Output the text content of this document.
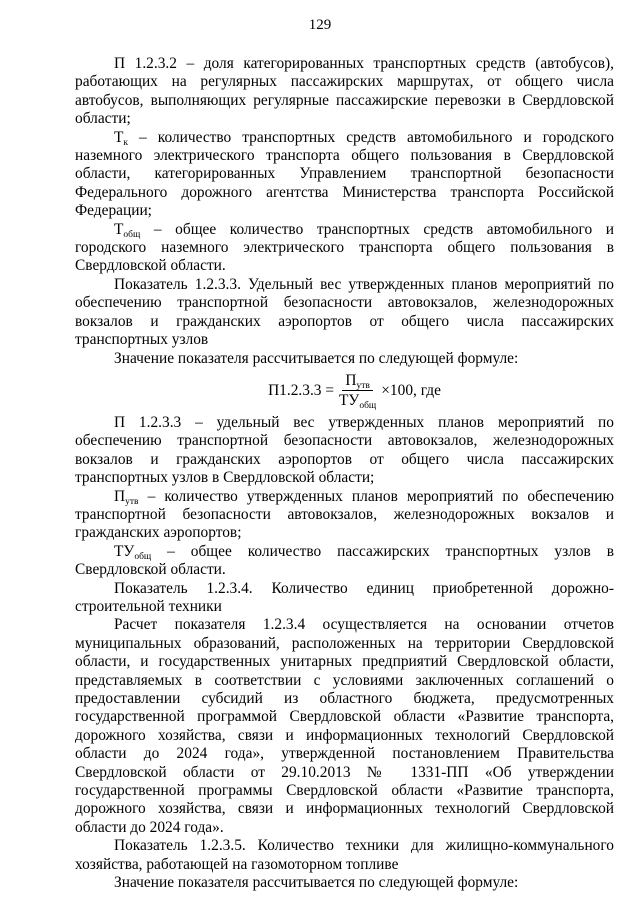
129

П 1.2.3.2 – доля категорированных транспортных средств (автобусов), работающих на регулярных пассажирских маршрутах, от общего числа автобусов, выполняющих регулярные пассажирские перевозки в Свердловской области;

$Т_к$ – количество транспортных средств автомобильного и городского наземного электрического транспорта общего пользования в Свердловской области, категорированных Управлением транспортной безопасности Федерального дорожного агентства Министерства транспорта Российской Федерации;

$Т_{общ}$ – общее количество транспортных средств автомобильного и городского наземного электрического транспорта общего пользования в Свердловской области.

Показатель 1.2.3.3. Удельный вес утвержденных планов мероприятий по обеспечению транспортной безопасности автовокзалов, железнодорожных вокзалов и гражданских аэропортов от общего числа пассажирских транспортных узлов

Значение показателя рассчитывается по следующей формуле:

$П1.2.3.3 = \frac{П_{утв}}{ТУ_{общ}} \times 100$, где

П 1.2.3.3 – удельный вес утвержденных планов мероприятий по обеспечению транспортной безопасности автовокзалов, железнодорожных вокзалов и гражданских аэропортов от общего числа пассажирских транспортных узлов в Свердловской области;

$П_{утв}$ – количество утвержденных планов мероприятий по обеспечению транспортной безопасности автовокзалов, железнодорожных вокзалов и гражданских аэропортов;

$ТУ_{общ}$ – общее количество пассажирских транспортных узлов в Свердловской области.

Показатель 1.2.3.4. Количество единиц приобретенной дорожно-строительной техники

Расчет показателя 1.2.3.4 осуществляется на основании отчетов муниципальных образований, расположенных на территории Свердловской области, и государственных унитарных предприятий Свердловской области, представляемых в соответствии с условиями заключенных соглашений о предоставлении субсидий из областного бюджета, предусмотренных государственной программой Свердловской области «Развитие транспорта, дорожного хозяйства, связи и информационных технологий Свердловской области до 2024 года», утвержденной постановлением Правительства Свердловской области от 29.10.2013 № 1331-ПП «Об утверждении государственной программы Свердловской области «Развитие транспорта, дорожного хозяйства, связи и информационных технологий Свердловской области до 2024 года».

Показатель 1.2.3.5. Количество техники для жилищно-коммунального хозяйства, работающей на газомоторном топливе

Значение показателя рассчитывается по следующей формуле:
